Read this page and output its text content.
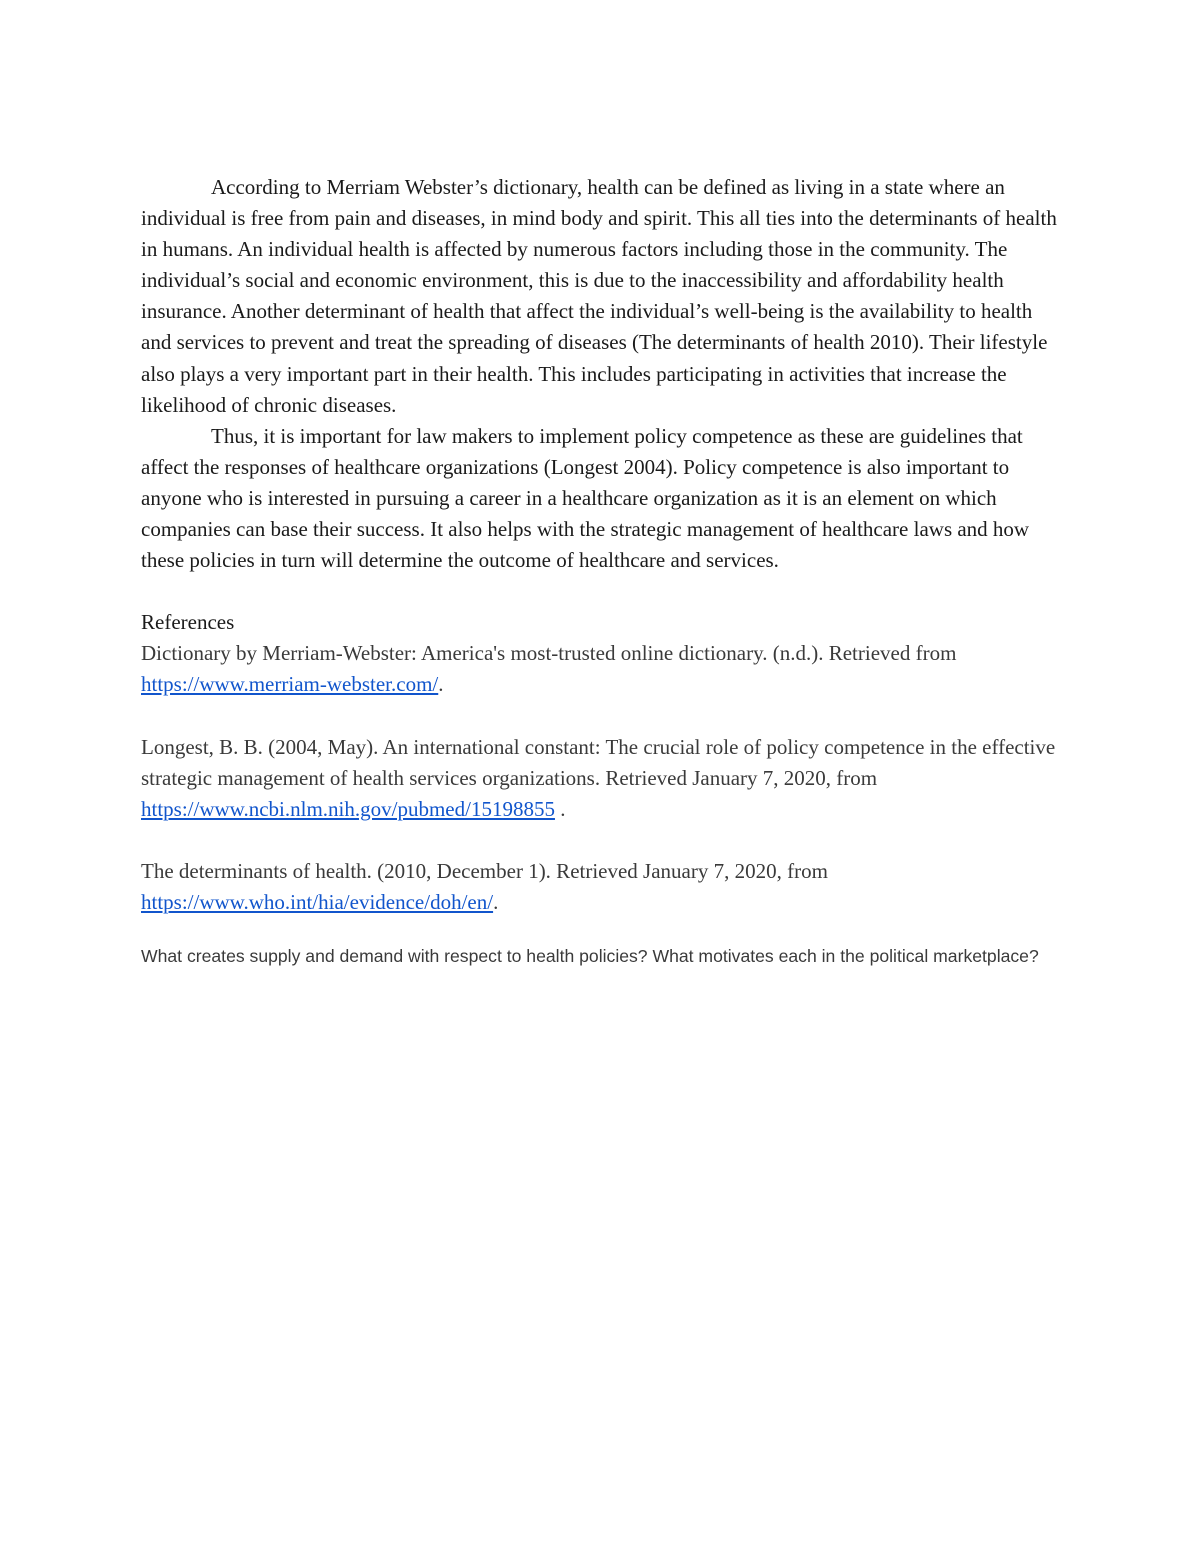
According to Merriam Webster’s dictionary, health can be defined as living in a state where an individual is free from pain and diseases, in mind body and spirit. This all ties into the determinants of health in humans. An individual health is affected by numerous factors including those in the community. The individual’s social and economic environment, this is due to the inaccessibility and affordability health insurance. Another determinant of health that affect the individual’s well-being is the availability to health and services to prevent and treat the spreading of diseases (The determinants of health 2010). Their lifestyle also plays a very important part in their health. This includes participating in activities that increase the likelihood of chronic diseases.

Thus, it is important for law makers to implement policy competence as these are guidelines that affect the responses of healthcare organizations (Longest 2004). Policy competence is also important to anyone who is interested in pursuing a career in a healthcare organization as it is an element on which companies can base their success. It also helps with the strategic management of healthcare laws and how these policies in turn will determine the outcome of healthcare and services.

References

Dictionary by Merriam-Webster: America's most-trusted online dictionary. (n.d.). Retrieved from https://www.merriam-webster.com/.

Longest, B. B. (2004, May). An international constant: The crucial role of policy competence in the effective strategic management of health services organizations. Retrieved January 7, 2020, from https://www.ncbi.nlm.nih.gov/pubmed/15198855 .

The determinants of health. (2010, December 1). Retrieved January 7, 2020, from https://www.who.int/hia/evidence/doh/en/.

What creates supply and demand with respect to health policies? What motivates each in the political marketplace?
